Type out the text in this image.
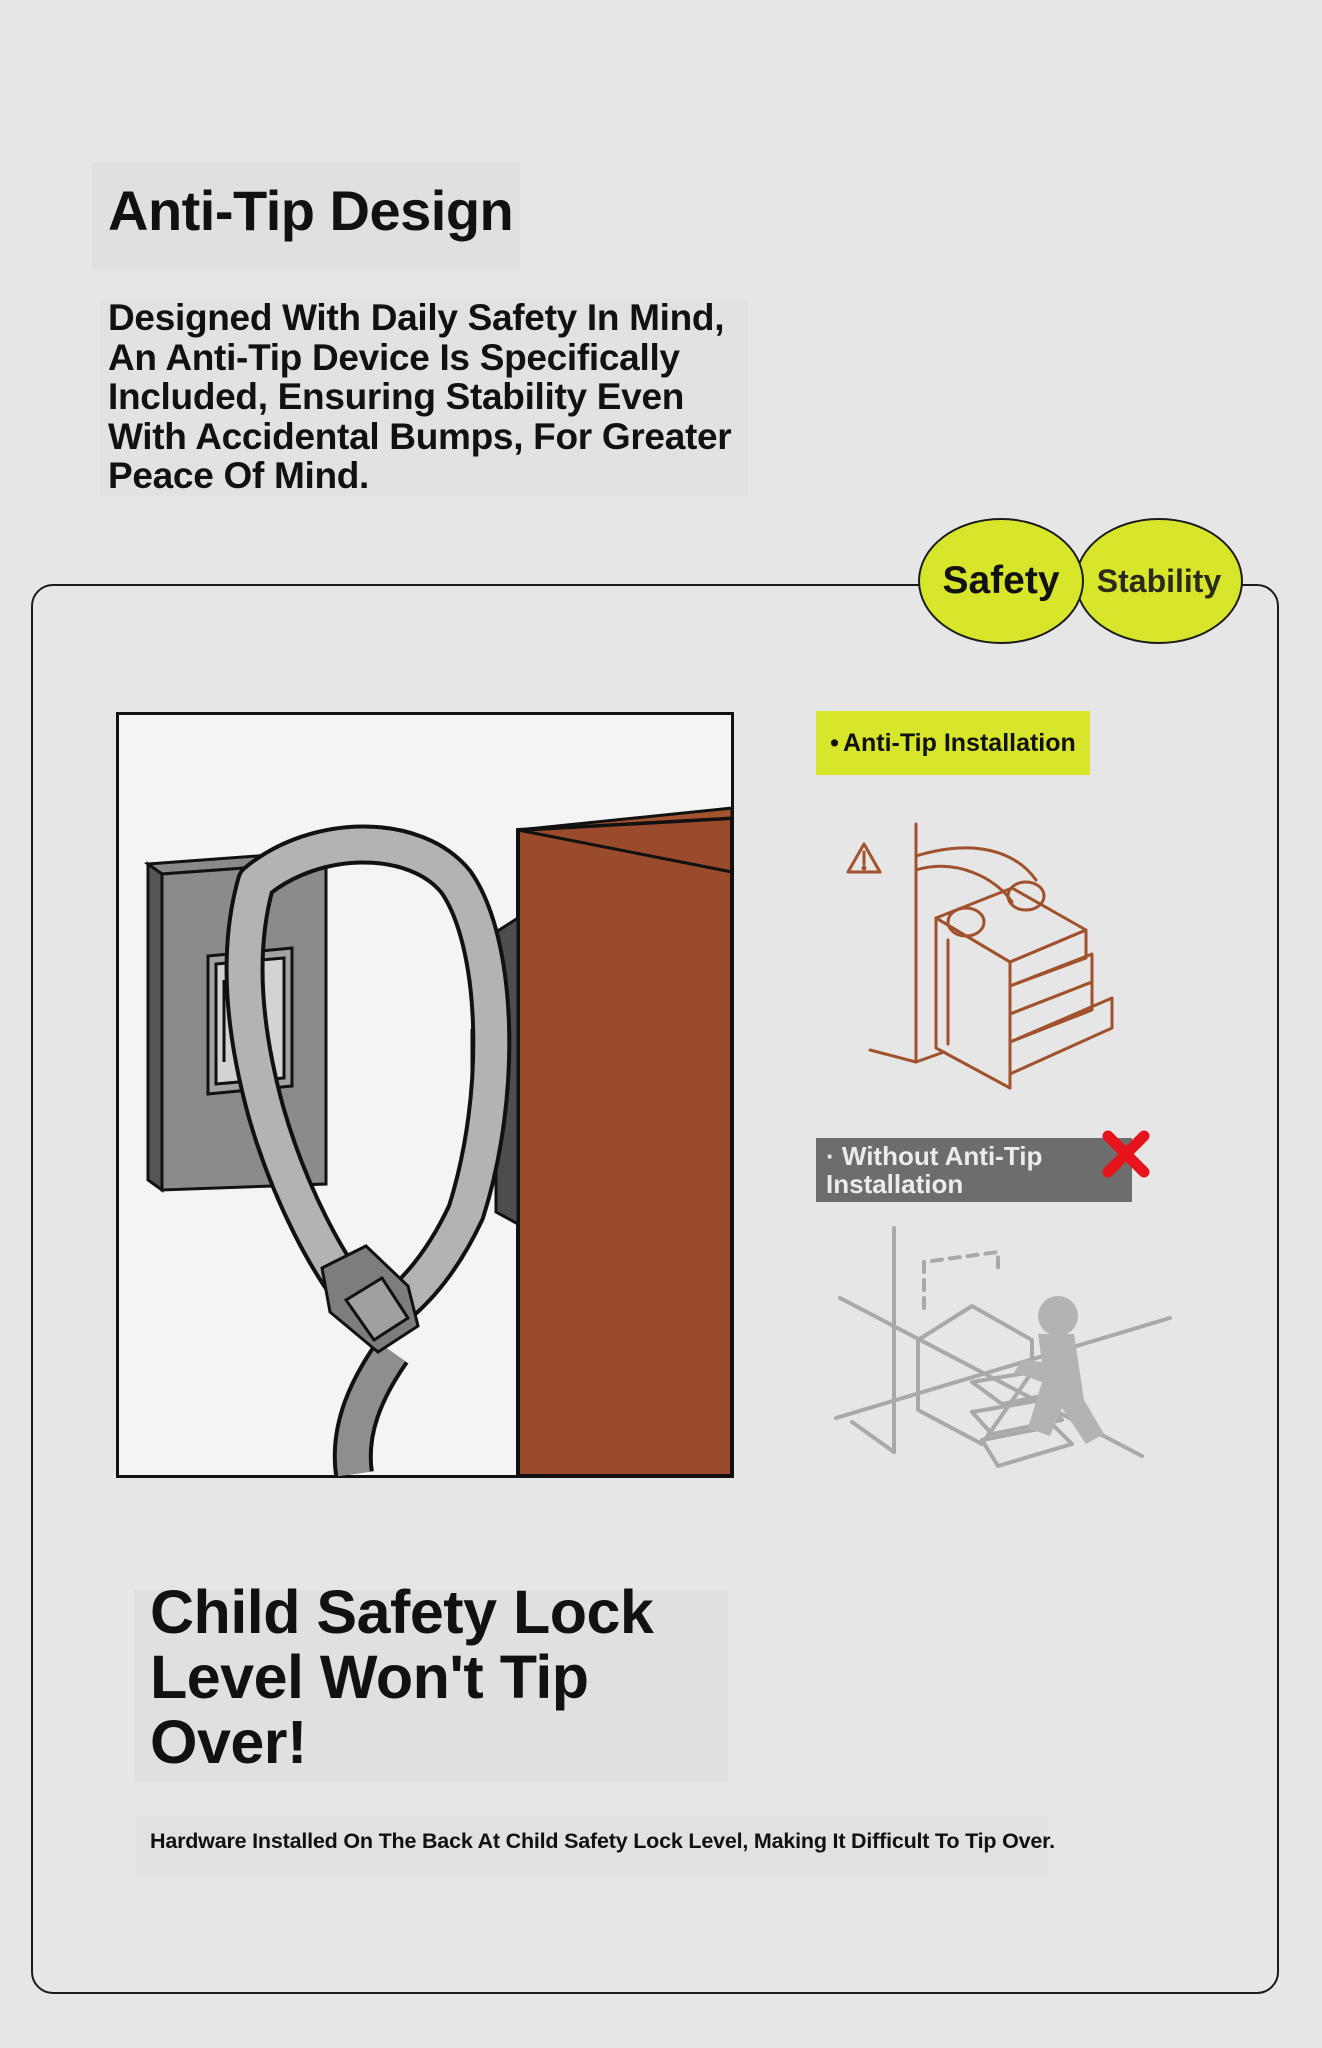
Anti-Tip Design

Designed With Daily Safety In Mind, An Anti-Tip Device Is Specifically Included, Ensuring Stability Even With Accidental Bumps, For Greater Peace Of Mind.

Stability
Safety
• Anti-Tip Installation
· Without Anti-Tip Installation
Child Safety Lock Level Won't Tip Over!

Hardware Installed On The Back At Child Safety Lock Level, Making It Difficult To Tip Over.
